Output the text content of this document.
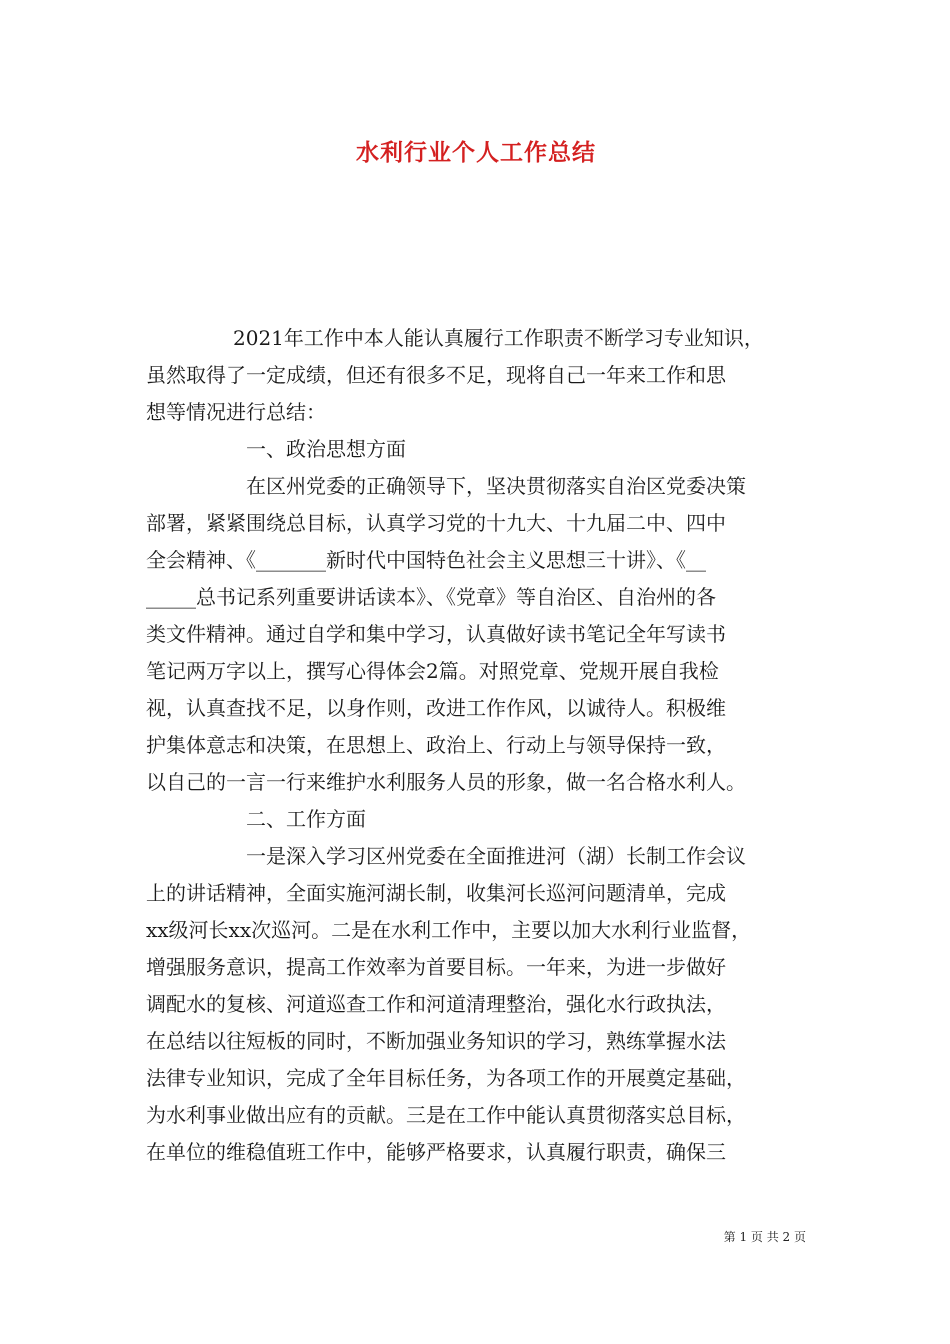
水利行业个人工作总结
2021年工作中本人能认真履行工作职责不断学习专业知识，
虽然取得了一定成绩，但还有很多不足，现将自己一年来工作和思
想等情况进行总结：
一、政治思想方面
在区州党委的正确领导下，坚决贯彻落实自治区党委决策
部署，紧紧围绕总目标，认真学习党的十九大、十九届二中、四中
全会精神、《_______新时代中国特色社会主义思想三十讲》、《__
_____总书记系列重要讲话读本》、《党章》等自治区、自治州的各
类文件精神。通过自学和集中学习，认真做好读书笔记全年写读书
笔记两万字以上，撰写心得体会2篇。对照党章、党规开展自我检
视，认真查找不足，以身作则，改进工作作风，以诚待人。积极维
护集体意志和决策，在思想上、政治上、行动上与领导保持一致，
以自己的一言一行来维护水利服务人员的形象，做一名合格水利人。
二、工作方面
一是深入学习区州党委在全面推进河（湖）长制工作会议
上的讲话精神，全面实施河湖长制，收集河长巡河问题清单，完成
xx级河长xx次巡河。二是在水利工作中，主要以加大水利行业监督，
增强服务意识，提高工作效率为首要目标。一年来，为进一步做好
调配水的复核、河道巡查工作和河道清理整治，强化水行政执法，
在总结以往短板的同时，不断加强业务知识的学习，熟练掌握水法
法律专业知识，完成了全年目标任务，为各项工作的开展奠定基础，
为水利事业做出应有的贡献。三是在工作中能认真贯彻落实总目标，
在单位的维稳值班工作中，能够严格要求，认真履行职责，确保三
第 1 页 共 2 页
